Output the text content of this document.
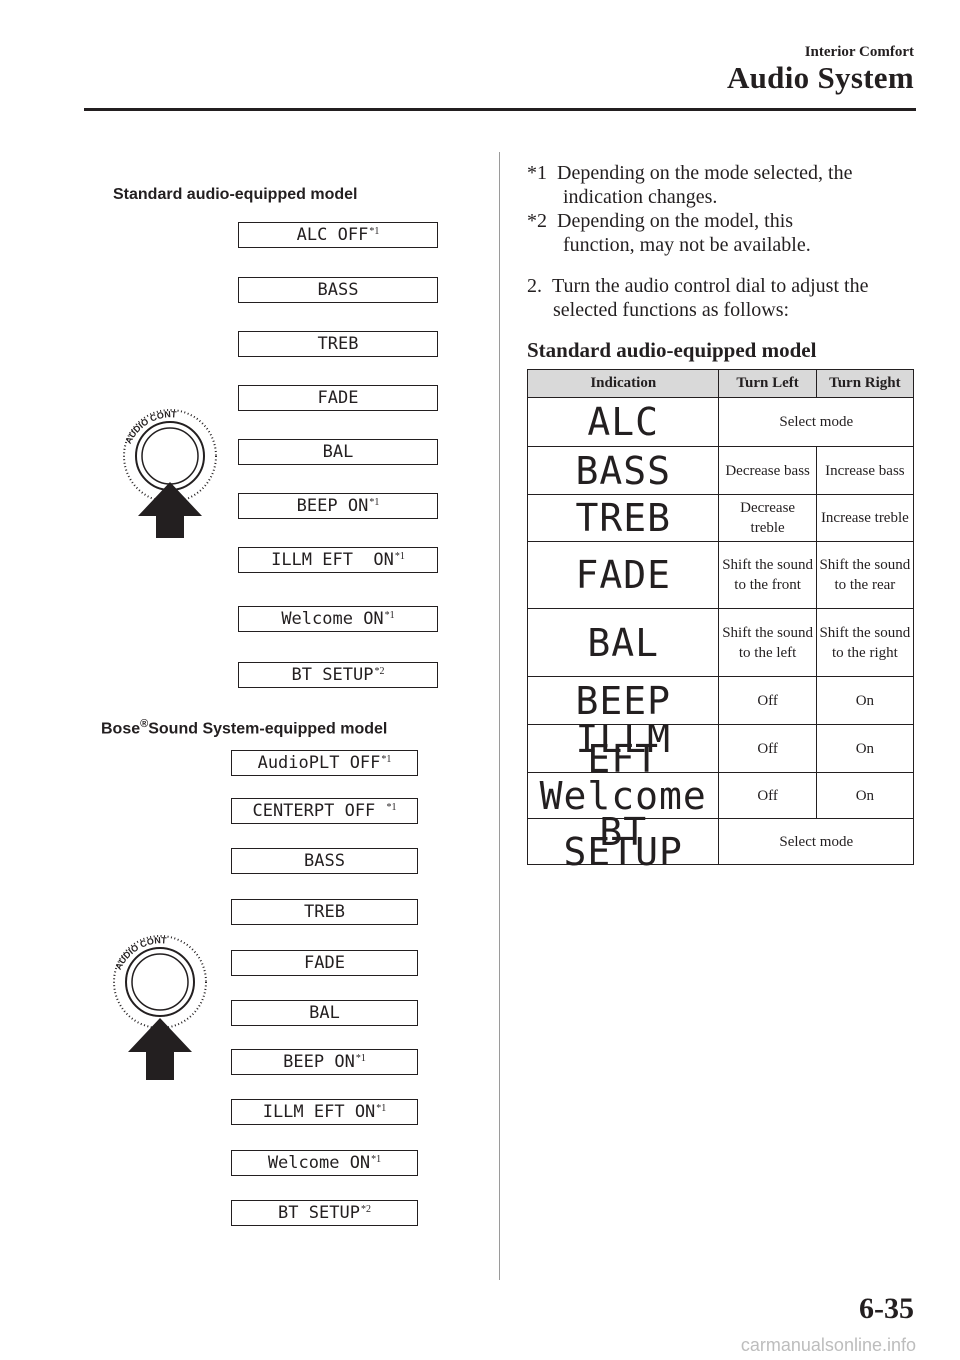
Interior Comfort
Audio System
Standard audio-equipped model
ALC OFF$^{*1}$
BASS
TREB
FADE
BAL
BEEP ON$^{*1}$
ILLM EFT  ON$^{*1}$
Welcome ON$^{*1}$
BT SETUP$^{*2}$
AUDIO CONT
Bose®Sound System-equipped model
AudioPLT OFF$^{*1}$
CENTERPT OFF $^{*1}$
BASS
TREB
FADE
BAL
BEEP ON$^{*1}$
ILLM EFT ON$^{*1}$
Welcome ON$^{*1}$
BT SETUP$^{*2}$
AUDIO CONT
*1 Depending on the mode selected, the
indication changes.
*2 Depending on the model, this
function, may not be available.
2. Turn the audio control dial to adjust the
selected functions as follows:
Standard audio-equipped model
Indication	Turn Left	Turn Right
ALC	Select mode	
BASS	Decrease bass	Increase bass
TREB	Decrease treble	Increase treble
FADE	Shift the sound to the front	Shift the sound to the rear
BAL	Shift the sound to the left	Shift the sound to the right
BEEP	Off	On
ILLM EFT	Off	On
Welcome	Off	On
BT SETUP	Select mode	
6-35
carmanualsonline.info
